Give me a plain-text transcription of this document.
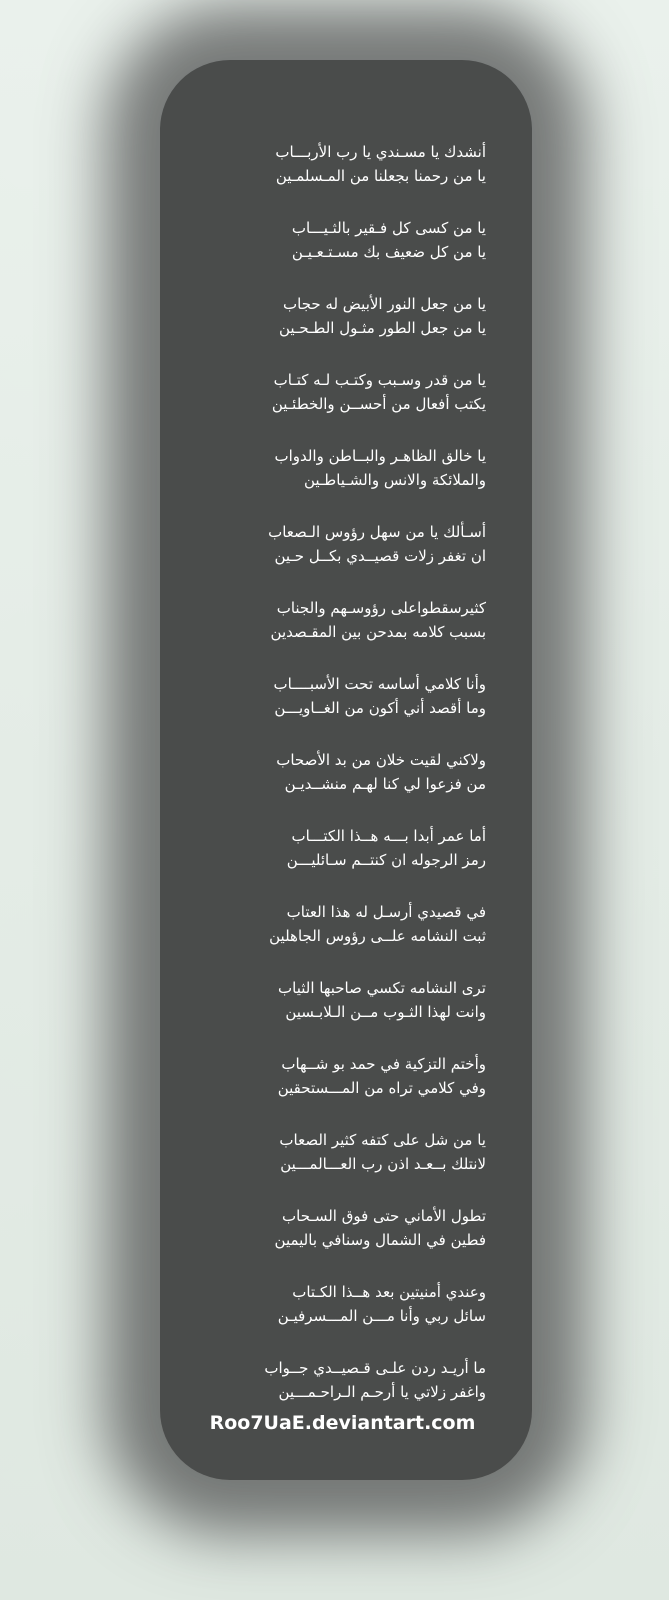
أنشدك يا مسـندي يا رب الأربـــاب
يا من رحمنا بجعلنا من المـسلمـين
يا من كسى كل فـقير بالثـيـــاب
يا من كل ضعيف بك مسـتـعـيـن
يا من جعل النور الأبيض له حجاب
يا من جعل الطور مثـول الطـحـين
يا من قدر وسـبب وكتـب لـه كتـاب
يكتب أفعال من أحســن والخطئـين
يا خالق الظاهـر والبــاطن والدواب
والملائكة والانس والشـياطـين
أسـألك يا من سهل رؤوس الـصعاب
ان تغفر زلات قصيــدي بكــل حـين
كثيرسقطواعلى رؤوسـهم والجناب
بسبب كلامه بمدحن بين المقـصدين
وأنا كلامي أساسه تحت الأسبــــاب
وما أقصد أني أكون من الغــاويـــن
ولاكني لقيت خلان من بد الأصحاب
من فزعوا لي كنا لهـم منشــديـن
أما عمر أبدا بـــه هــذا الكتـــاب
رمز الرجوله ان كنتــم سـائليـــن
في قصيدي أرسـل له هذا العتاب
ثبت النشامه علــى رؤوس الجاهلين
ترى النشامه تكسي صاحبها الثياب
وانت لهذا الثـوب مــن الـلابـسين
وأختم التزكية في حمد بو شــهاب
وفي كلامي تراه من المـــستحقين
يا من شل على كتفه كثير الصعاب
لانتلك بــعـد اذن رب العـــالمـــين
تطول الأماني حتى فوق السـحاب
فطين في الشمال وسنافي باليمين
وعندي أمنيتين بعد هــذا الكـتاب
سائل ربي وأنا مـــن المـــسرفيـن
ما أريـد ردن علـى قـصيــدي جــواب
واغفر زلاتي يا أرحـم الـراحـمـــين
Roo7UaE.deviantart.com
